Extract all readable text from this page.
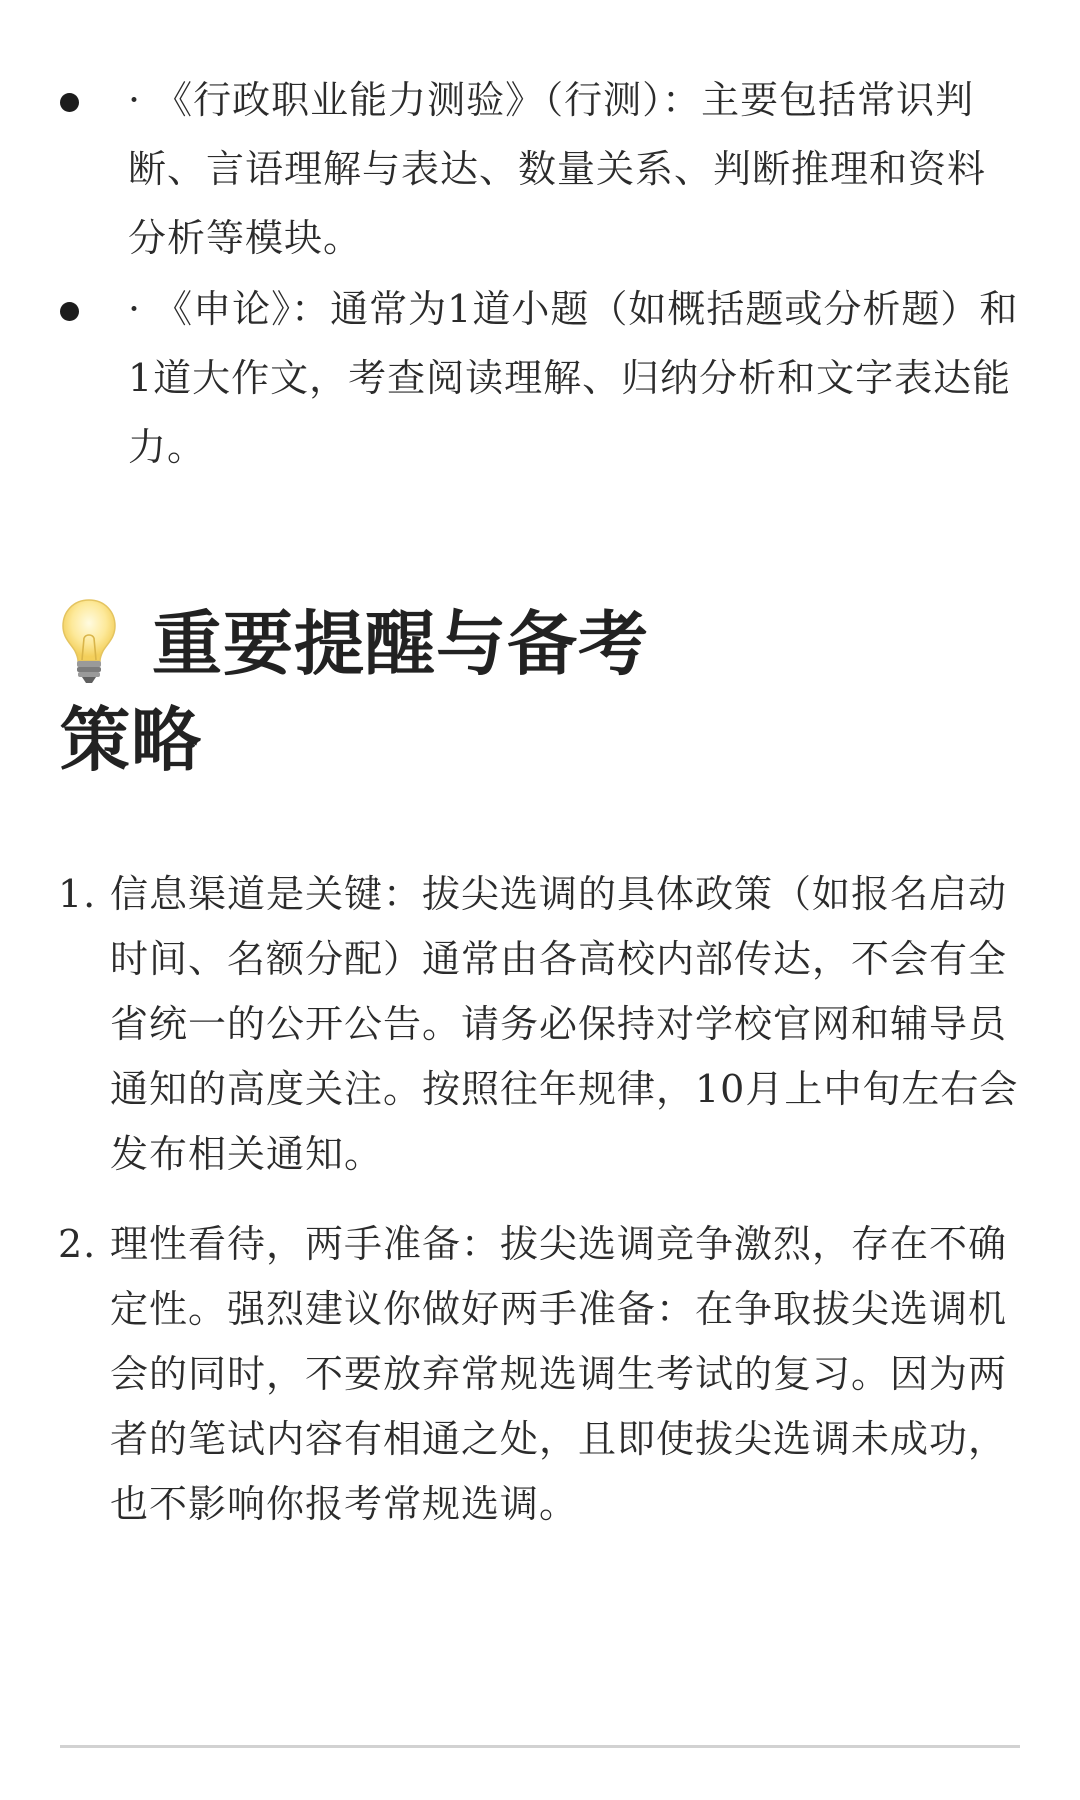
· 《行政职业能力测验》（行测）：主要包括常识判断、言语理解与表达、数量关系、判断推理和资料分析等模块。
· 《申论》：通常为1道小题（如概括题或分析题）和1道大作文，考查阅读理解、归纳分析和文字表达能力。
重要提醒与备考策略
1. 信息渠道是关键：拔尖选调的具体政策（如报名启动时间、名额分配）通常由各高校内部传达，不会有全省统一的公开公告。请务必保持对学校官网和辅导员通知的高度关注。按照往年规律，10月上中旬左右会发布相关通知。
2. 理性看待，两手准备：拔尖选调竞争激烈，存在不确定性。强烈建议你做好两手准备：在争取拔尖选调机会的同时，不要放弃常规选调生考试的复习。因为两者的笔试内容有相通之处，且即使拔尖选调未成功，也不影响你报考常规选调。
